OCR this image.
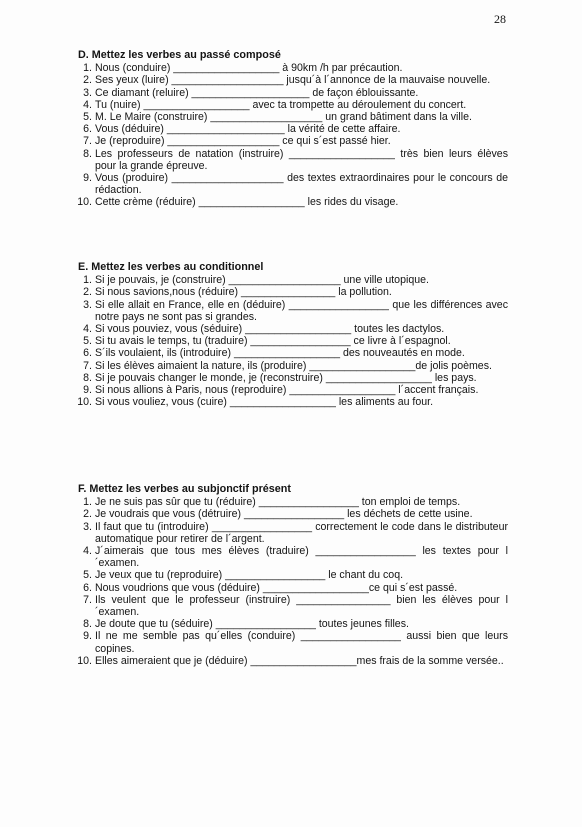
28
D. Mettez les verbes au passé composé
1. Nous (conduire) __________________ à 90km /h par précaution.
2. Ses yeux (luire) ___________________ jusqu´à l´annonce de la mauvaise nouvelle.
3. Ce diamant (reluire) ____________________ de façon éblouissante.
4. Tu (nuire) __________________ avec ta trompette au déroulement du concert.
5. M. Le Maire (construire) ___________________ un grand bâtiment dans la ville.
6. Vous (déduire) ____________________ la vérité de cette affaire.
7. Je (reproduire) ___________________ ce qui s´est passé hier.
8. Les professeurs de natation (instruire) __________________ très bien leurs élèves pour la grande épreuve.
9. Vous (produire) ___________________ des textes extraordinaires pour le concours de rédaction.
10. Cette crème (réduire) __________________ les rides du visage.
E. Mettez les verbes au conditionnel
1. Si je pouvais, je (construire) ___________________ une ville utopique.
2. Si nous savions,nous (réduire) ________________ la pollution.
3. Si elle allait en France, elle en (déduire) _________________ que les différences avec notre pays ne sont pas si grandes.
4. Si vous pouviez, vous (séduire) __________________ toutes les dactylos.
5. Si tu avais le temps, tu (traduire) _________________ ce livre à l´espagnol.
6. S´ils voulaient, ils (introduire) __________________ des nouveautés en mode.
7. Si les élèves aimaient la nature, ils (produire) __________________de jolis poèmes.
8. Si je pouvais changer le monde, je (reconstruire) __________________ les pays.
9. Si nous allions à Paris, nous (reproduire) __________________ l´accent français.
10. Si vous vouliez, vous (cuire) __________________ les aliments au four.
F. Mettez les verbes au subjonctif présent
1. Je ne suis pas sûr que tu (réduire) _________________ ton emploi de temps.
2. Je voudrais que vous (détruire) _________________ les déchets de cette usine.
3. Il faut que tu (introduire) _________________ correctement le code dans le distributeur automatique pour retirer de l´argent.
4. J´aimerais que tous mes élèves (traduire) _________________ les textes pour l´examen.
5. Je veux que tu (reproduire) _________________ le chant du coq.
6. Nous voudrions que vous (déduire) __________________ce qui s´est passé.
7. Ils veulent que le professeur (instruire) ________________ bien les élèves pour l´examen.
8. Je doute que tu (séduire) _________________ toutes jeunes filles.
9. Il ne me semble pas qu´elles (conduire) _________________ aussi bien que leurs copines.
10. Elles aimeraient que je (déduire) __________________mes frais de la somme versée..
